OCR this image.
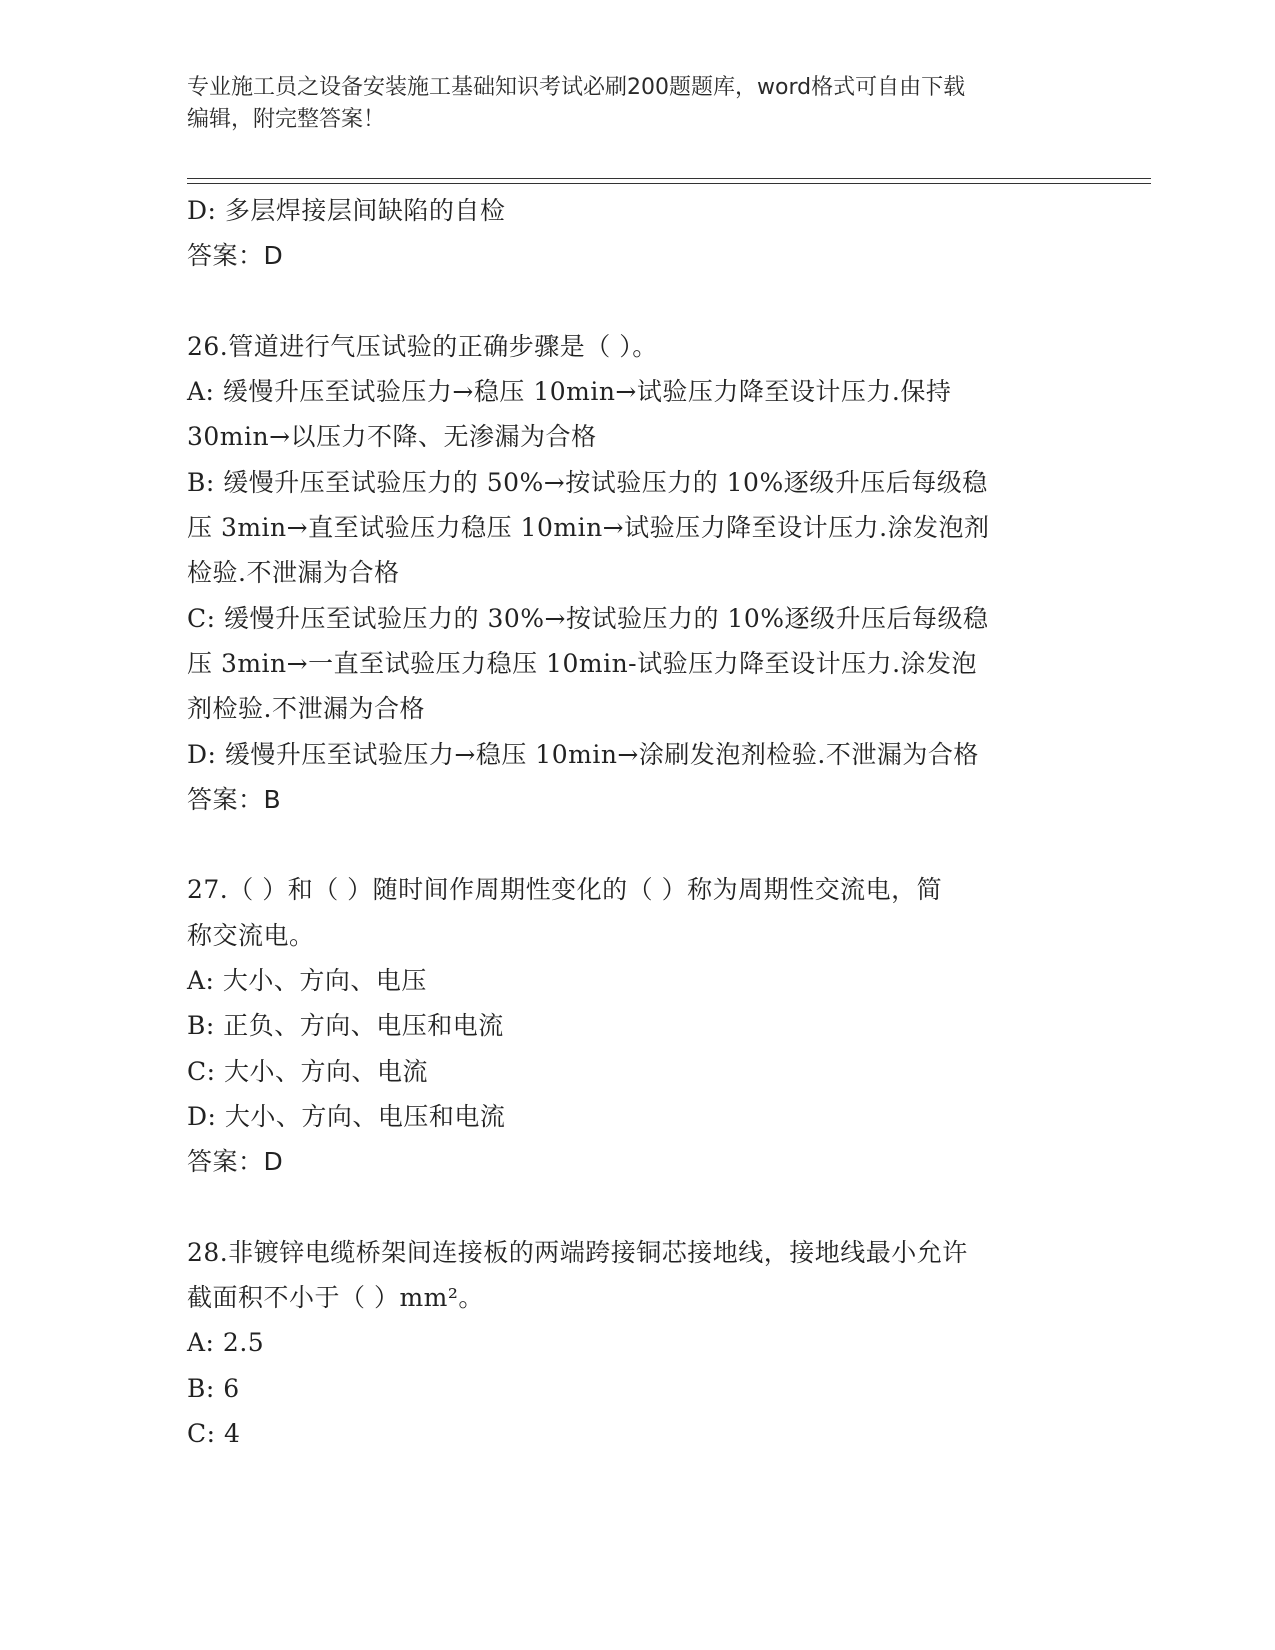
专业施工员之设备安装施工基础知识考试必刷200题题库，word格式可自由下载
编辑，附完整答案！
D: 多层焊接层间缺陷的自检
答案：D
26.管道进行气压试验的正确步骤是（ ）。
A: 缓慢升压至试验压力→稳压 10min→试验压力降至设计压力.保持
30min→以压力不降、无渗漏为合格
B: 缓慢升压至试验压力的 50%→按试验压力的 10%逐级升压后每级稳
压 3min→直至试验压力稳压 10min→试验压力降至设计压力.涂发泡剂
检验.不泄漏为合格
C: 缓慢升压至试验压力的 30%→按试验压力的 10%逐级升压后每级稳
压 3min→一直至试验压力稳压 10min-试验压力降至设计压力.涂发泡
剂检验.不泄漏为合格
D: 缓慢升压至试验压力→稳压 10min→涂刷发泡剂检验.不泄漏为合格
答案：B
27.（ ）和（ ）随时间作周期性变化的（ ）称为周期性交流电，简
称交流电。
A: 大小、方向、电压
B: 正负、方向、电压和电流
C: 大小、方向、电流
D: 大小、方向、电压和电流
答案：D
28.非镀锌电缆桥架间连接板的两端跨接铜芯接地线，接地线最小允许
截面积不小于（ ）mm²。
A: 2.5
B: 6
C: 4
